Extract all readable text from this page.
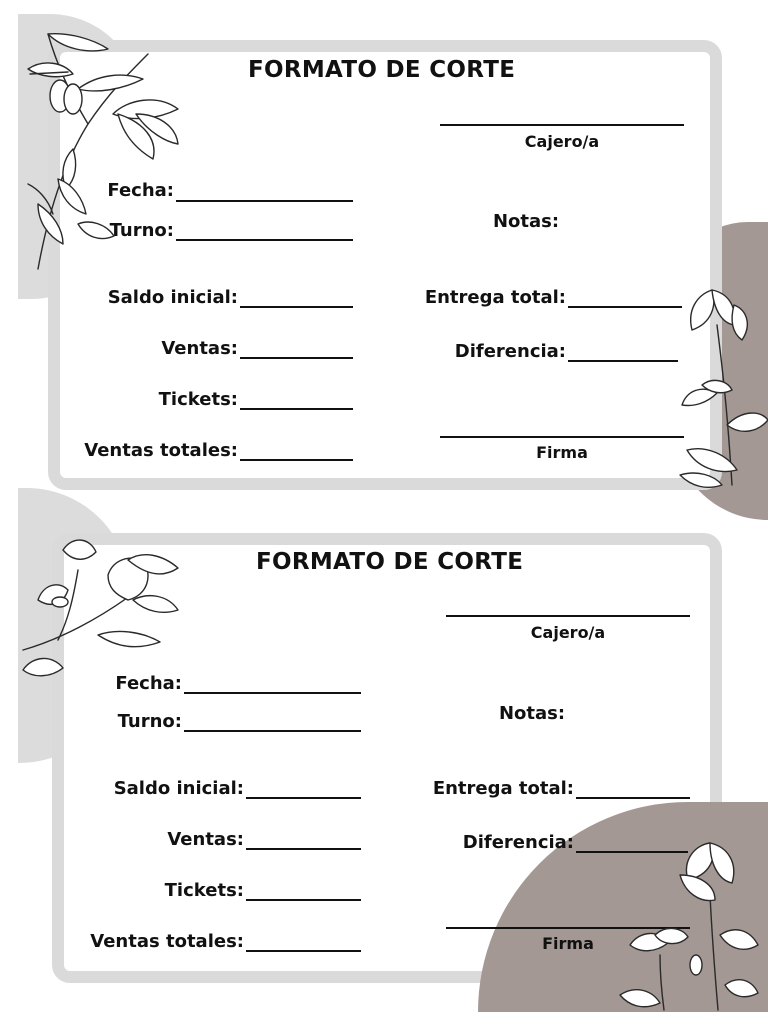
FORMATO DE CORTE
Cajero/a
Fecha:
Turno:	Notas:
Saldo inicial:	Entrega total:
Ventas:	Diferencia:
Tickets:
Ventas totales:	Firma
FORMATO DE CORTE
Cajero/a
Fecha:
Turno:	Notas:
Saldo inicial:	Entrega total:
Ventas:	Diferencia:
Tickets:
Ventas totales:	Firma
